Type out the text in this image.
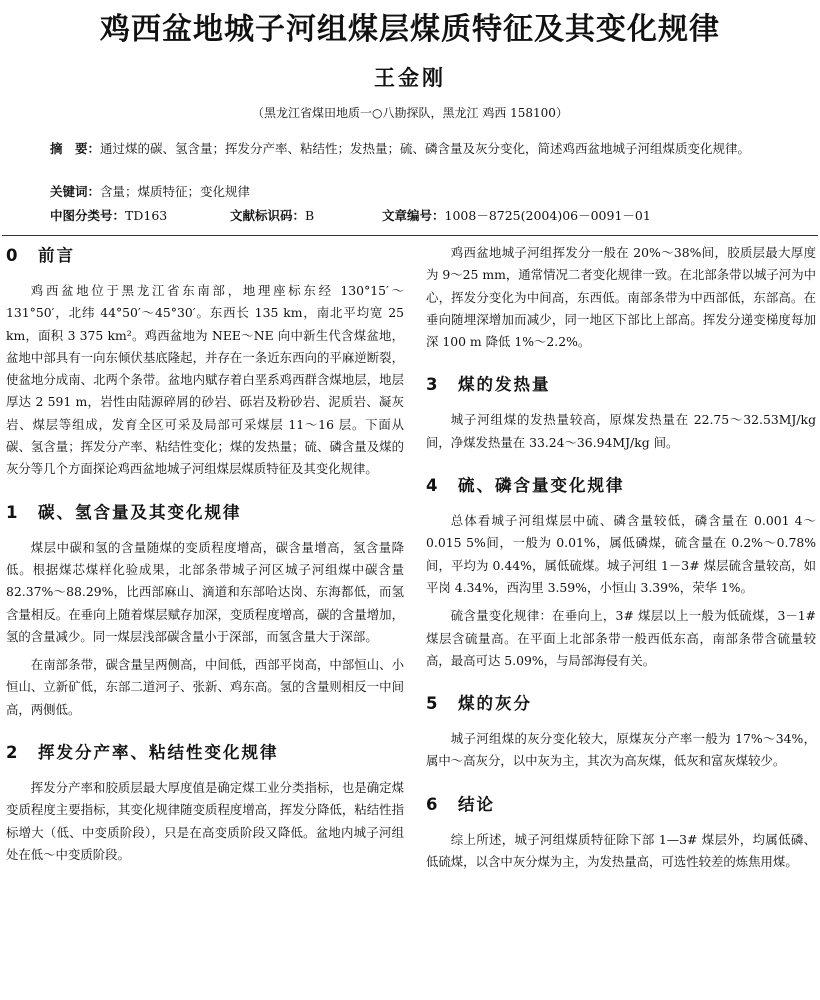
鸡西盆地城子河组煤层煤质特征及其变化规律
王金刚
（黑龙江省煤田地质一○八勘探队，黑龙江 鸡西 158100）
摘　要：通过煤的碳、氢含量；挥发分产率、粘结性；发热量；硫、磷含量及灰分变化，简述鸡西盆地城子河组煤质变化规律。
关键词：含量；煤质特征；变化规律
中图分类号： TD163	文献标识码： B	文章编号： 1008－8725(2004)06－0091－01
0 前言

鸡西盆地位于黑龙江省东南部，地理座标东经 130°15′～131°50′，北纬 44°50′～45°30′。东西长 135 km，南北平均宽 25 km，面积 3 375 km²。鸡西盆地为 NEE～NE 向中新生代含煤盆地，盆地中部具有一向东倾伏基底隆起，并存在一条近东西向的平麻逆断裂，使盆地分成南、北两个条带。盆地内赋存着白垩系鸡西群含煤地层，地层厚达 2 591 m，岩性由陆源碎屑的砂岩、砾岩及粉砂岩、泥质岩、凝灰岩、煤层等组成，发育全区可采及局部可采煤层 11～16 层。下面从碳、氢含量；挥发分产率、粘结性变化；煤的发热量；硫、磷含量及煤的灰分等几个方面探论鸡西盆地城子河组煤层煤质特征及其变化规律。

1 碳、氢含量及其变化规律

煤层中碳和氢的含量随煤的变质程度增高，碳含量增高，氢含量降低。根据煤芯煤样化验成果，北部条带城子河区城子河组煤中碳含量 82.37%～88.29%，比西部麻山、滴道和东部哈达岗、东海都低，而氢含量相反。在垂向上随着煤层赋存加深，变质程度增高，碳的含量增加，氢的含量减少。同一煤层浅部碳含量小于深部，而氢含量大于深部。

在南部条带，碳含量呈两侧高，中间低，西部平岗高，中部恒山、小恒山、立新矿低，东部二道河子、张新、鸡东高。氢的含量则相反一中间高，两侧低。

2 挥发分产率、粘结性变化规律

挥发分产率和胶质层最大厚度值是确定煤工业分类指标，也是确定煤变质程度主要指标，其变化规律随变质程度增高，挥发分降低，粘结性指标增大（低、中变质阶段），只是在高变质阶段又降低。盆地内城子河组处在低～中变质阶段。

鸡西盆地城子河组挥发分一般在 20%～38%间，胶质层最大厚度为 9～25 mm，通常情况二者变化规律一致。在北部条带以城子河为中心，挥发分变化为中间高，东西低。南部条带为中西部低，东部高。在垂向随埋深增加而减少，同一地区下部比上部高。挥发分递变梯度每加深 100 m 降低 1%～2.2%。

3 煤的发热量

城子河组煤的发热量较高，原煤发热量在 22.75～32.53MJ/kg 间，净煤发热量在 33.24～36.94MJ/kg 间。

4 硫、磷含量变化规律

总体看城子河组煤层中硫、磷含量较低，磷含量在 0.001 4～0.015 5%间，一般为 0.01%，属低磷煤，硫含量在 0.2%～0.78%间，平均为 0.44%，属低硫煤。城子河组 1－3# 煤层硫含量较高，如平岗 4.34%，西沟里 3.59%，小恒山 3.39%，荣华 1%。

硫含量变化规律：在垂向上，3# 煤层以上一般为低硫煤，3－1# 煤层含硫量高。在平面上北部条带一般西低东高，南部条带含硫量较高，最高可达 5.09%，与局部海侵有关。

5 煤的灰分

城子河组煤的灰分变化较大，原煤灰分产率一般为 17%～34%，属中～高灰分，以中灰为主，其次为高灰煤，低灰和富灰煤较少。

6 结论

综上所述，城子河组煤质特征除下部 1—3# 煤层外，均属低磷、低硫煤，以含中灰分煤为主，为发热量高，可选性较差的炼焦用煤。
